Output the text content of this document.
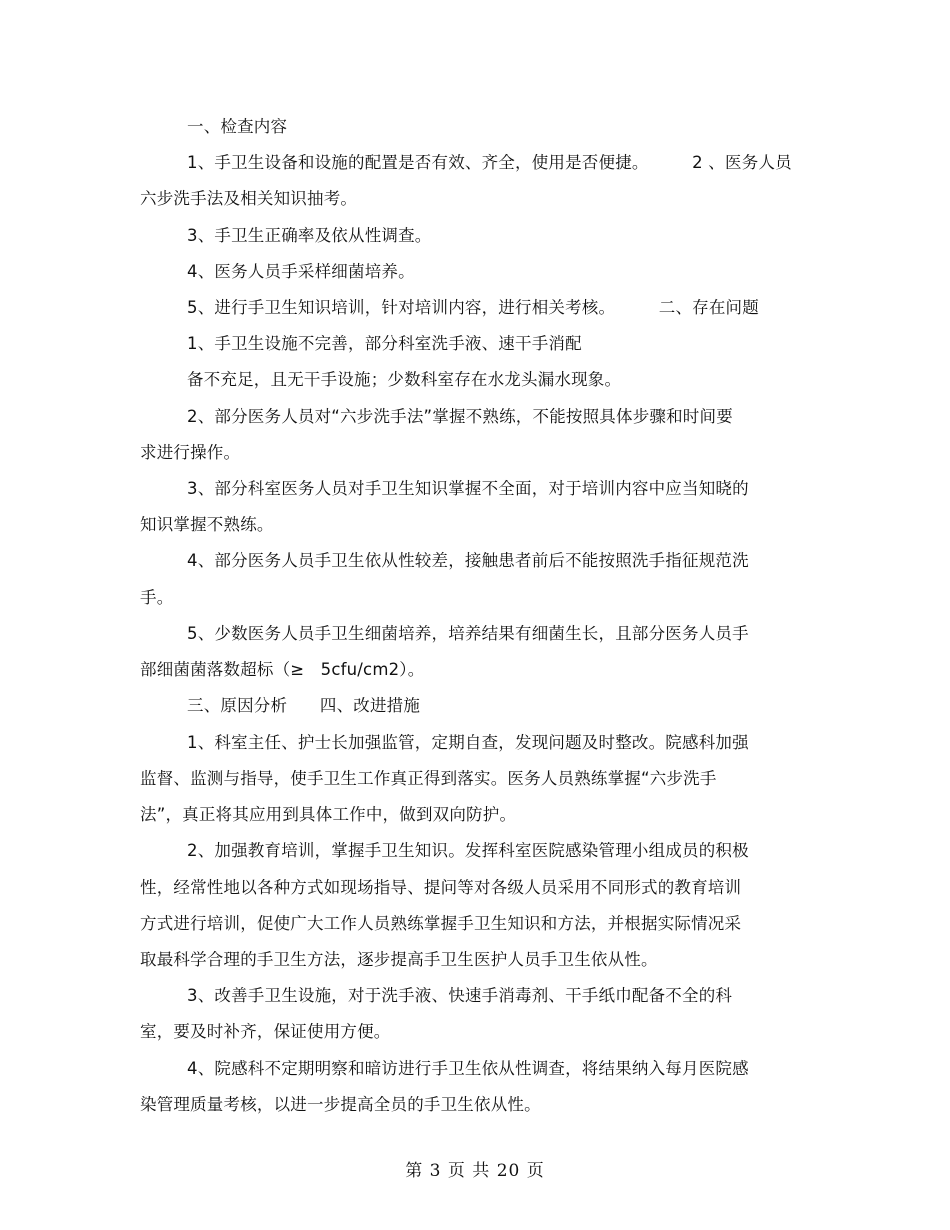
一、检查内容
1、手卫生设备和设施的配置是否有效、齐全，使用是否便捷。        2 、医务人员
六步洗手法及相关知识抽考。
3、手卫生正确率及依从性调查。
4、医务人员手采样细菌培养。
5、进行手卫生知识培训，针对培训内容，进行相关考核。        二、存在问题
1、手卫生设施不完善，部分科室洗手液、速干手消配
备不充足，且无干手设施；少数科室存在水龙头漏水现象。
2、部分医务人员对“六步洗手法”掌握不熟练，不能按照具体步骤和时间要
求进行操作。
3、部分科室医务人员对手卫生知识掌握不全面，对于培训内容中应当知晓的
知识掌握不熟练。
4、部分医务人员手卫生依从性较差，接触患者前后不能按照洗手指征规范洗
手。
5、少数医务人员手卫生细菌培养，培养结果有细菌生长，且部分医务人员手
部细菌菌落数超标（≥   5cfu/cm2）。
三、原因分析      四、改进措施
1、科室主任、护士长加强监管，定期自查，发现问题及时整改。院感科加强
监督、监测与指导，使手卫生工作真正得到落实。医务人员熟练掌握“六步洗手
法”，真正将其应用到具体工作中，做到双向防护。
2、加强教育培训，掌握手卫生知识。发挥科室医院感染管理小组成员的积极
性，经常性地以各种方式如现场指导、提问等对各级人员采用不同形式的教育培训
方式进行培训，促使广大工作人员熟练掌握手卫生知识和方法，并根据实际情况采
取最科学合理的手卫生方法，逐步提高手卫生医护人员手卫生依从性。
3、改善手卫生设施，对于洗手液、快速手消毒剂、干手纸巾配备不全的科
室，要及时补齐，保证使用方便。
4、院感科不定期明察和暗访进行手卫生依从性调查，将结果纳入每月医院感
染管理质量考核，以进一步提高全员的手卫生依从性。
第 3 页 共 20 页
